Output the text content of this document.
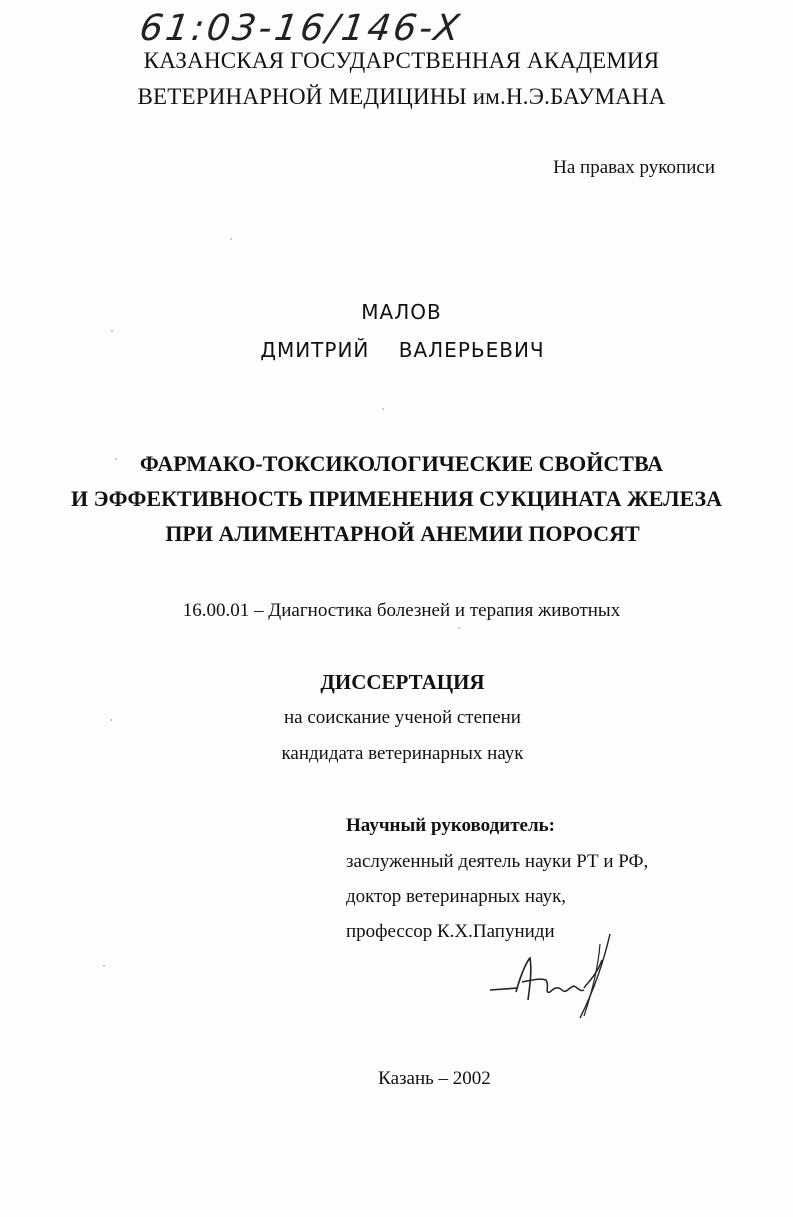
61:03-16/146-X
КАЗАНСКАЯ ГОСУДАРСТВЕННАЯ АКАДЕМИЯ
ВЕТЕРИНАРНОЙ МЕДИЦИНЫ им.Н.Э.БАУМАНА
На правах рукописи
МАЛОВ
ДМИТРИЙ ВАЛЕРЬЕВИЧ
ФАРМАКО-ТОКСИКОЛОГИЧЕСКИЕ СВОЙСТВА
И ЭФФЕКТИВНОСТЬ ПРИМЕНЕНИЯ СУКЦИНАТА ЖЕЛЕЗА
ПРИ АЛИМЕНТАРНОЙ АНЕМИИ ПОРОСЯТ
16.00.01 – Диагностика болезней и терапия животных
ДИССЕРТАЦИЯ
на соискание ученой степени
кандидата ветеринарных наук
Научный руководитель:
заслуженный деятель науки РТ и РФ,
доктор ветеринарных наук,
профессор К.Х.Папуниди
Казань – 2002
